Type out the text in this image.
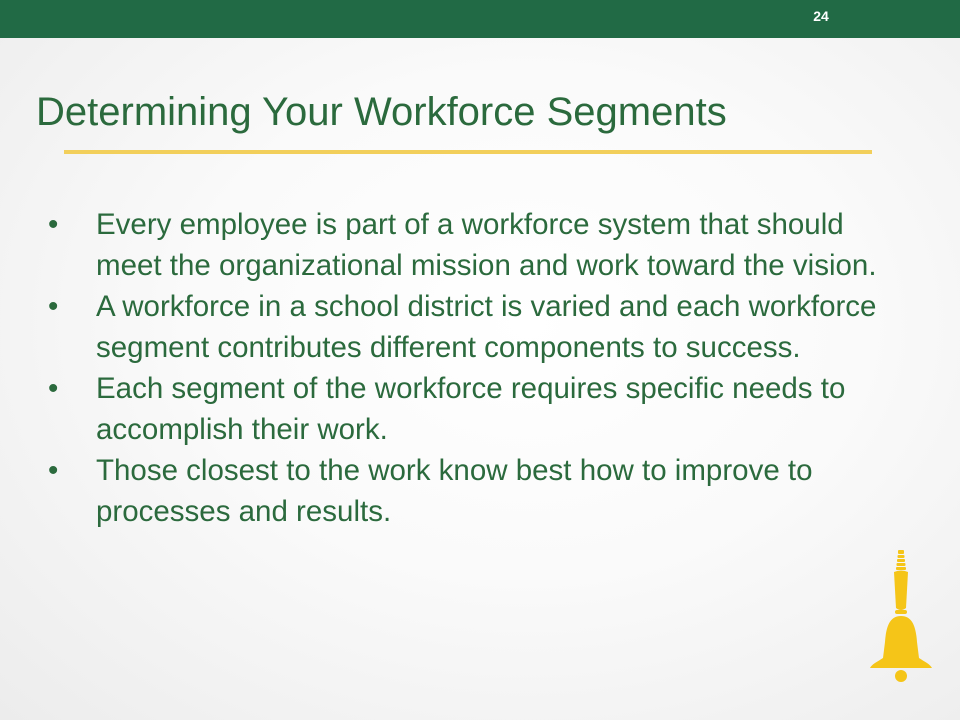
24
Determining Your Workforce Segments
•	Every employee is part of a workforce system that should meet the organizational mission and work toward the vision.
•	A workforce in a school district is varied and each workforce segment contributes different components to success.
•	Each segment of the workforce requires specific needs to accomplish their work.
•	Those closest to the work know best how to improve to processes and results.
